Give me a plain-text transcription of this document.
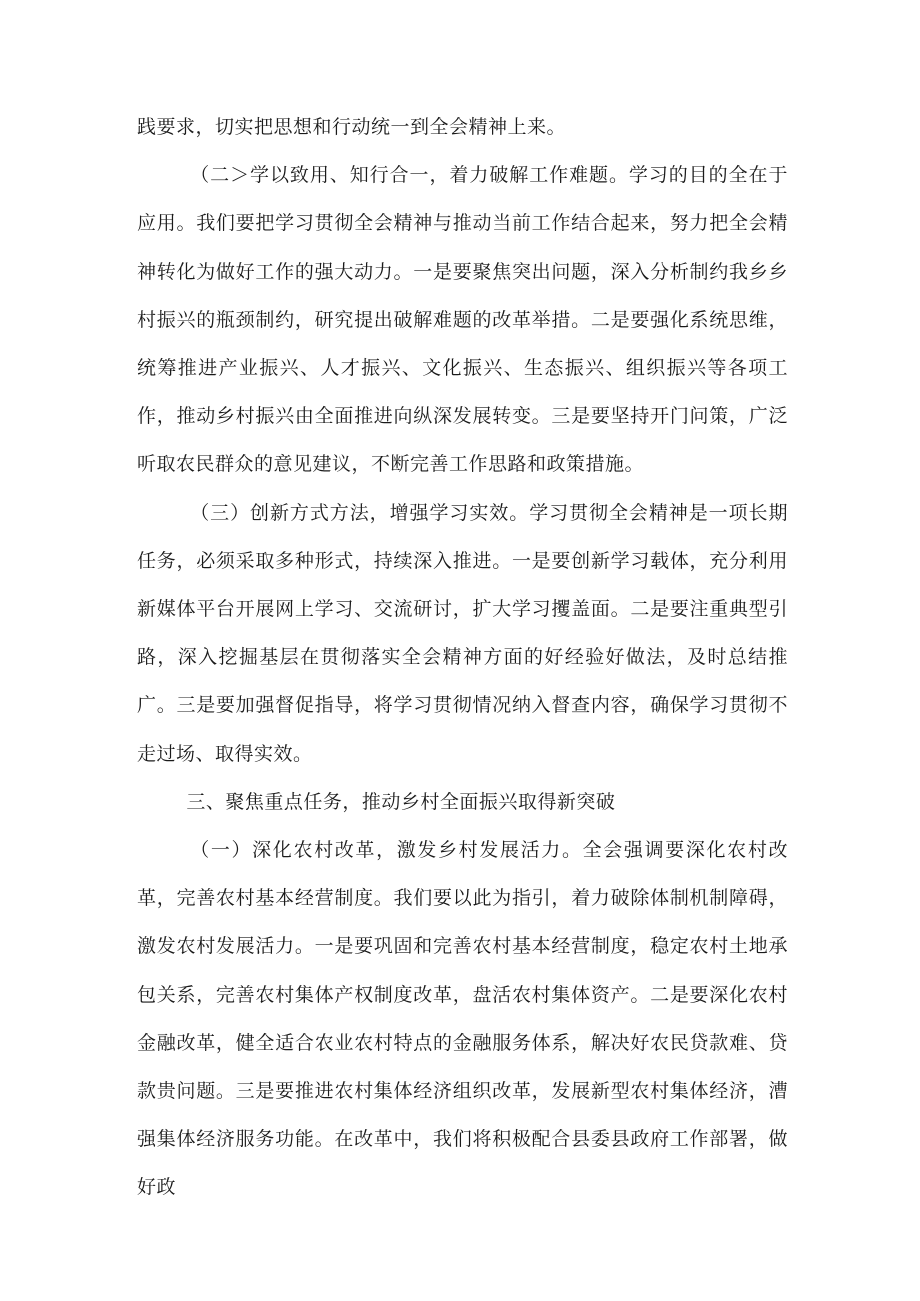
践要求，切实把思想和行动统一到全会精神上来。

（二＞学以致用、知行合一，着力破解工作难题。学习的目的全在于应用。我们要把学习贯彻全会精神与推动当前工作结合起来，努力把全会精神转化为做好工作的强大动力。一是要聚焦突出问题，深入分析制约我乡乡村振兴的瓶颈制约，研究提出破解难题的改革举措。二是要强化系统思维，统筹推进产业振兴、人才振兴、文化振兴、生态振兴、组织振兴等各项工作，推动乡村振兴由全面推进向纵深发展转变。三是要坚持开门问策，广泛听取农民群众的意见建议，不断完善工作思路和政策措施。

（三）创新方式方法，增强学习实效。学习贯彻全会精神是一项长期任务，必须采取多种形式，持续深入推进。一是要创新学习载体，充分利用新媒体平台开展网上学习、交流研讨，扩大学习攫盖面。二是要注重典型引路，深入挖掘基层在贯彻落实全会精神方面的好经验好做法，及时总结推广。三是要加强督促指导，将学习贯彻情况纳入督查内容，确保学习贯彻不走过场、取得实效。

三、聚焦重点任务，推动乡村全面振兴取得新突破

（一）深化农村改革，激发乡村发展活力。全会强调要深化农村改革，完善农村基本经营制度。我们要以此为指引，着力破除体制机制障碍，激发农村发展活力。一是要巩固和完善农村基本经营制度，稳定农村土地承包关系，完善农村集体产权制度改革，盘活农村集体资产。二是要深化农村金融改革，健全适合农业农村特点的金融服务体系，解决好农民贷款难、贷款贵问题。三是要推进农村集体经济组织改革，发展新型农村集体经济，漕强集体经济服务功能。在改革中，我们将积极配合县委县政府工作部署，做好政
